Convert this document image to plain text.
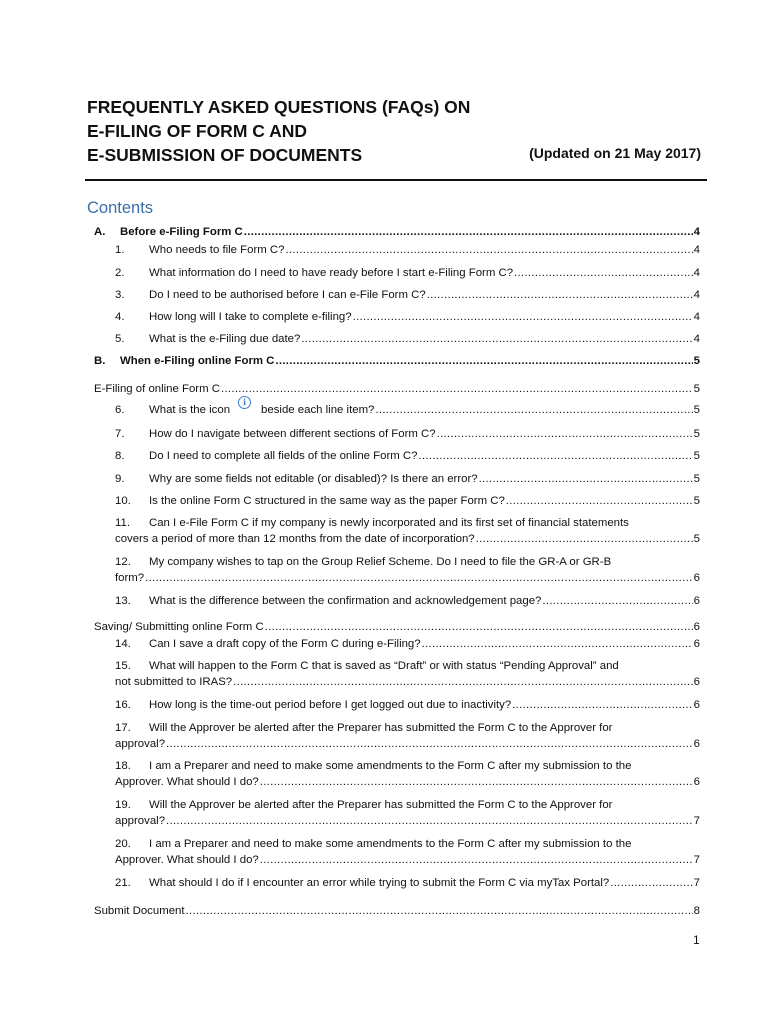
FREQUENTLY ASKED QUESTIONS (FAQs) ON
E-FILING OF FORM C AND
E-SUBMISSION OF DOCUMENTS	(Updated on 21 May 2017)
Contents
A. Before e-Filing Form C .....	4
1. Who needs to file Form C? .....	4
2. What information do I need to have ready before I start e-Filing Form C? .....	4
3. Do I need to be authorised before I can e-File Form C? .....	4
4. How long will I take to complete e-filing? .....	4
5. What is the e-Filing due date? .....	4
B. When e-Filing online Form C .....	5
E-Filing of online Form C .....	5
6. What is the iconibeside each line item? .....	5
7. How do I navigate between different sections of Form C? .....	5
8. Do I need to complete all fields of the online Form C? .....	5
9. Why are some fields not editable (or disabled)? Is there an error? .....	5
10. Is the online Form C structured in the same way as the paper Form C? .....	5
11. Can I e-File Form C if my company is newly incorporated and its first set of financial statements
covers a period of more than 12 months from the date of incorporation? .....	5
12. My company wishes to tap on the Group Relief Scheme. Do I need to file the GR-A or GR-B
form? .....	6
13. What is the difference between the confirmation and acknowledgement page? .....	6
Saving/ Submitting online Form C .....	6
14. Can I save a draft copy of the Form C during e-Filing? .....	6
15. What will happen to the Form C that is saved as “Draft” or with status “Pending Approval” and
not submitted to IRAS? .....	6
16. How long is the time-out period before I get logged out due to inactivity? .....	6
17. Will the Approver be alerted after the Preparer has submitted the Form C to the Approver for
approval? .....	6
18. I am a Preparer and need to make some amendments to the Form C after my submission to the
Approver. What should I do? .....	6
19. Will the Approver be alerted after the Preparer has submitted the Form C to the Approver for
approval? .....	7
20. I am a Preparer and need to make some amendments to the Form C after my submission to the
Approver. What should I do? .....	7
21. What should I do if I encounter an error while trying to submit the Form C via myTax Portal? .....	7
Submit Document .....	8
1
